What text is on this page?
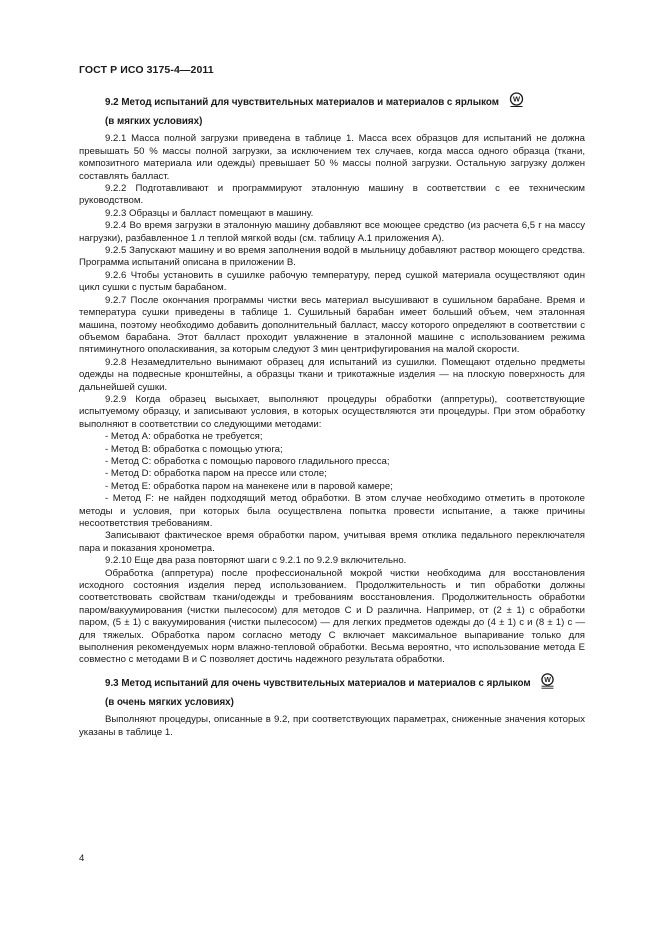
ГОСТ Р ИСО 3175-4—2011
9.2 Метод испытаний для чувствительных материалов и материалов с ярлыком W
(в мягких условиях)

9.2.1 Масса полной загрузки приведена в таблице 1. Масса всех образцов для испытаний не должна превышать 50 % массы полной загрузки, за исключением тех случаев, когда масса одного образца (ткани, композитного материала или одежды) превышает 50 % массы полной загрузки. Остальную загрузку должен составлять балласт.

9.2.2 Подготавливают и программируют эталонную машину в соответствии с ее техническим руководством.

9.2.3 Образцы и балласт помещают в машину.

9.2.4 Во время загрузки в эталонную машину добавляют все моющее средство (из расчета 6,5 г на массу нагрузки), разбавленное 1 л теплой мягкой воды (см. таблицу А.1 приложения А).

9.2.5 Запускают машину и во время заполнения водой в мыльницу добавляют раствор моющего средства. Программа испытаний описана в приложении В.

9.2.6 Чтобы установить в сушилке рабочую температуру, перед сушкой материала осуществляют один цикл сушки с пустым барабаном.

9.2.7 После окончания программы чистки весь материал высушивают в сушильном барабане. Время и температура сушки приведены в таблице 1. Сушильный барабан имеет больший объем, чем эталонная машина, поэтому необходимо добавить дополнительный балласт, массу которого определяют в соответствии с объемом барабана. Этот балласт проходит увлажнение в эталонной машине с использованием режима пятиминутного ополаскивания, за которым следуют 3 мин центрифугирования на малой скорости.

9.2.8 Незамедлительно вынимают образец для испытаний из сушилки. Помещают отдельно предметы одежды на подвесные кронштейны, а образцы ткани и трикотажные изделия — на плоскую поверхность для дальнейшей сушки.

9.2.9 Когда образец высыхает, выполняют процедуры обработки (аппретуры), соответствующие испытуемому образцу, и записывают условия, в которых осуществляются эти процедуры. При этом обработку выполняют в соответствии со следующими методами:

- Метод А: обработка не требуется;

- Метод В: обработка с помощью утюга;

- Метод С: обработка с помощью парового гладильного пресса;

- Метод D: обработка паром на прессе или столе;

- Метод Е: обработка паром на манекене или в паровой камере;

- Метод F: не найден подходящий метод обработки. В этом случае необходимо отметить в протоколе методы и условия, при которых была осуществлена попытка провести испытание, а также причины несоответствия требованиям.

Записывают фактическое время обработки паром, учитывая время отклика педального переключателя пара и показания хронометра.

9.2.10 Еще два раза повторяют шаги с 9.2.1 по 9.2.9 включительно.

Обработка (аппретура) после профессиональной мокрой чистки необходима для восстановления исходного состояния изделия перед использованием. Продолжительность и тип обработки должны соответствовать свойствам ткани/одежды и требованиям восстановления. Продолжительность обработки паром/вакуумирования (чистки пылесосом) для методов С и D различна. Например, от (2 ± 1) с обработки паром, (5 ± 1) с вакуумирования (чистки пылесосом) — для легких предметов одежды до (4 ± 1) с и (8 ± 1) с — для тяжелых. Обработка паром согласно методу С включает максимальное выпаривание только для выполнения рекомендуемых норм влажно-тепловой обработки. Весьма вероятно, что использование метода Е совместно с методами В и С позволяет достичь надежного результата обработки.

9.3 Метод испытаний для очень чувствительных материалов и материалов с ярлыком W
(в очень мягких условиях)

Выполняют процедуры, описанные в 9.2, при соответствующих параметрах, сниженные значения которых указаны в таблице 1.

4
